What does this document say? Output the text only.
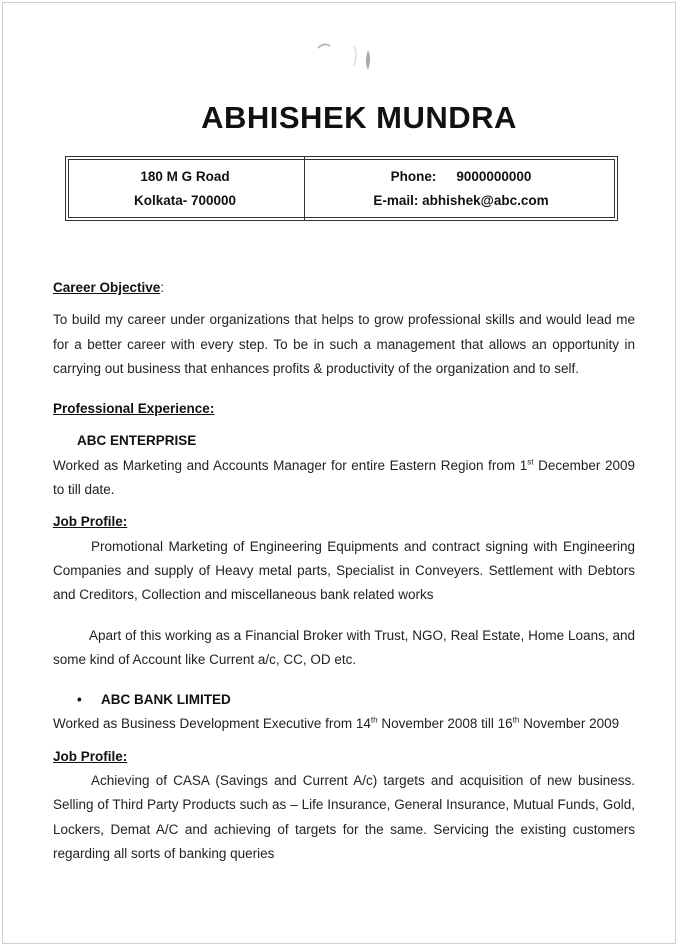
ABHISHEK MUNDRA
180 M G Road
Kolkata- 700000
Phone: 9000000000
E-mail: abhishek@abc.com
Career Objective:

To build my career under organizations that helps to grow professional skills and would lead me for a better career with every step. To be in such a management that allows an opportunity in carrying out business that enhances profits & productivity of the organization and to self.

Professional Experience:
ABC ENTERPRISE

Worked as Marketing and Accounts Manager for entire Eastern Region from 1st December 2009 to till date.

Job Profile:

Promotional Marketing of Engineering Equipments and contract signing with Engineering Companies and supply of Heavy metal parts, Specialist in Conveyers. Settlement with Debtors and Creditors, Collection and miscellaneous bank related works

Apart of this working as a Financial Broker with Trust, NGO, Real Estate, Home Loans, and some kind of Account like Current a/c, CC, OD etc.

• ABC BANK LIMITED

Worked as Business Development Executive from 14th November 2008 till 16th November 2009

Job Profile:

Achieving of CASA (Savings and Current A/c) targets and acquisition of new business. Selling of Third Party Products such as – Life Insurance, General Insurance, Mutual Funds, Gold, Lockers, Demat A/C and achieving of targets for the same. Servicing the existing customers regarding all sorts of banking queries
